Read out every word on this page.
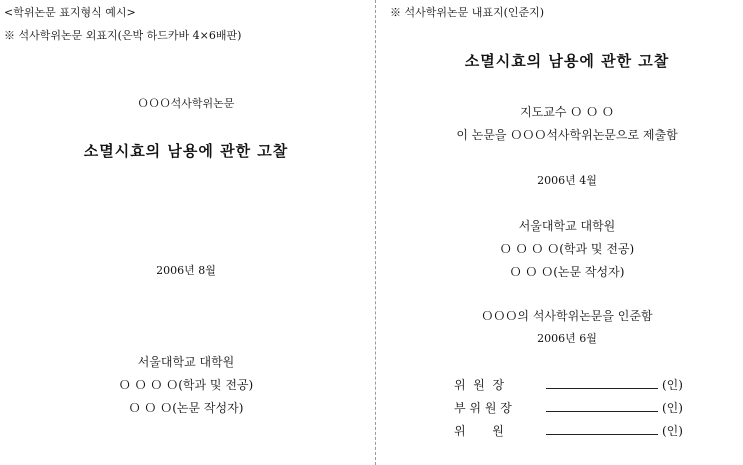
<학위논문 표지형식 예시>
※ 석사학위논문 외표지(은박 하드카바 4×6배판)
ＯＯＯ석사학위논문
소멸시효의 남용에 관한 고찰
2006년 8월
서울대학교 대학원
Ｏ Ｏ Ｏ Ｏ(학과 및 전공)
Ｏ Ｏ Ｏ(논문 작성자)
※ 석사학위논문 내표지(인준지)
소멸시효의 남용에 관한 고찰
지도교수 Ｏ Ｏ Ｏ
이 논문을 ＯＯＯ석사학위논문으로 제출함
2006년 4월
서울대학교 대학원
Ｏ Ｏ Ｏ Ｏ(학과 및 전공)
Ｏ Ｏ Ｏ(논문 작성자)
ＯＯＯ의 석사학위논문을 인준함
2006년 6월
위  원  장	(인)
부 위 원 장	(인)
위       원	(인)
